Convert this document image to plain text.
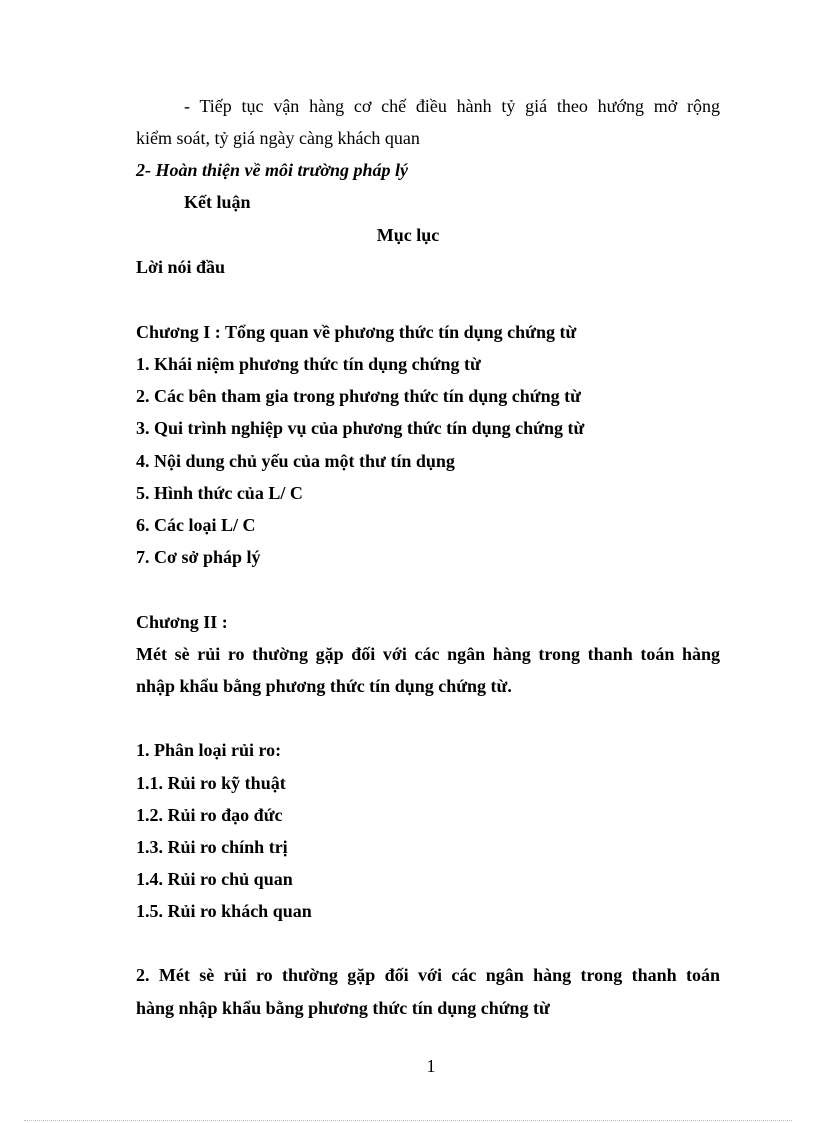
- Tiếp tục vận hàng cơ chế điều hành tỷ giá theo hướng mở rộng
kiểm soát, tỷ giá ngày càng khách quan
2- Hoàn thiện về môi trường pháp lý
Kết luận
Mục lục
Lời nói đầu
Chương I : Tổng quan về phương thức tín dụng chứng từ
1. Khái niệm phương thức tín dụng chứng từ
2. Các bên tham gia trong phương thức tín dụng chứng từ
3. Qui trình nghiệp vụ của phương thức tín dụng chứng từ
4. Nội dung chủ yếu của một thư tín dụng
5. Hình thức của L/ C
6. Các loại L/ C
7. Cơ sở pháp lý
Chương II :
Mét sè rủi ro thường gặp đối với các ngân hàng trong thanh toán hàng
nhập khẩu bằng phương thức tín dụng chứng từ.
1. Phân loại rủi ro:
1.1. Rủi ro kỹ thuật
1.2. Rủi ro đạo đức
1.3. Rủi ro chính trị
1.4. Rủi ro chủ quan
1.5. Rủi ro khách quan
2. Mét sè rủi ro thường gặp đối với các ngân hàng trong thanh toán
hàng nhập khẩu bằng phương thức tín dụng chứng từ
1
